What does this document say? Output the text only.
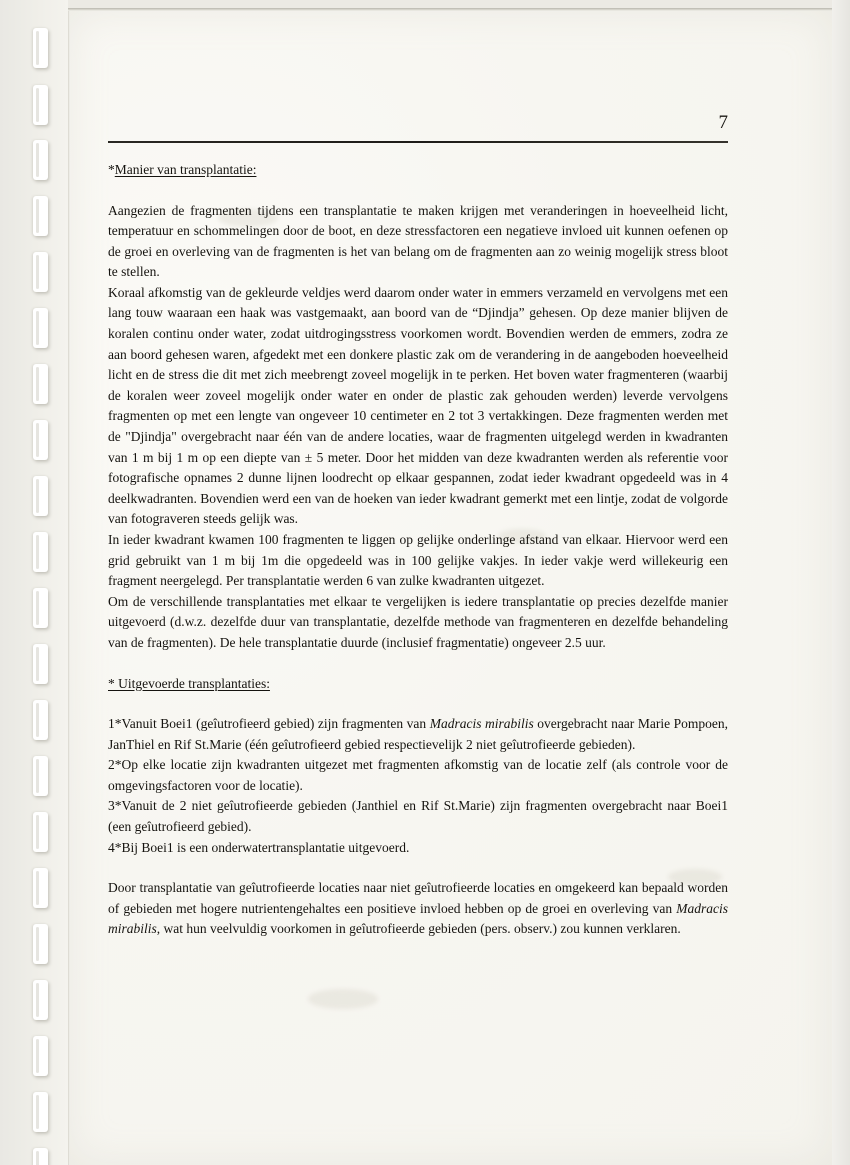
7
*Manier van transplantatie:

Aangezien de fragmenten tijdens een transplantatie te maken krijgen met veranderingen in hoeveelheid licht, temperatuur en schommelingen door de boot, en deze stressfactoren een negatieve invloed uit kunnen oefenen op de groei en overleving van de fragmenten is het van belang om de fragmenten aan zo weinig mogelijk stress bloot te stellen.

Koraal afkomstig van de gekleurde veldjes werd daarom onder water in emmers verzameld en vervolgens met een lang touw waaraan een haak was vastgemaakt, aan boord van de “Djindja” gehesen. Op deze manier blijven de koralen continu onder water, zodat uitdrogingsstress voorkomen wordt. Bovendien werden de emmers, zodra ze aan boord gehesen waren, afgedekt met een donkere plastic zak om de verandering in de aangeboden hoeveelheid licht en de stress die dit met zich meebrengt zoveel mogelijk in te perken. Het boven water fragmenteren (waarbij de koralen weer zoveel mogelijk onder water en onder de plastic zak gehouden werden) leverde vervolgens fragmenten op met een lengte van ongeveer 10 centimeter en 2 tot 3 vertakkingen. Deze fragmenten werden met de "Djindja" overgebracht naar één van de andere locaties, waar de fragmenten uitgelegd werden in kwadranten van 1 m bij 1 m op een diepte van ± 5 meter. Door het midden van deze kwadranten werden als referentie voor fotografische opnames 2 dunne lijnen loodrecht op elkaar gespannen, zodat ieder kwadrant opgedeeld was in 4 deelkwadranten. Bovendien werd een van de hoeken van ieder kwadrant gemerkt met een lintje, zodat de volgorde van fotograveren steeds gelijk was.

In ieder kwadrant kwamen 100 fragmenten te liggen op gelijke onderlinge afstand van elkaar. Hiervoor werd een grid gebruikt van 1 m bij 1m die opgedeeld was in 100 gelijke vakjes. In ieder vakje werd willekeurig een fragment neergelegd. Per transplantatie werden 6 van zulke kwadranten uitgezet.

Om de verschillende transplantaties met elkaar te vergelijken is iedere transplantatie op precies dezelfde manier uitgevoerd (d.w.z. dezelfde duur van transplantatie, dezelfde methode van fragmenteren en dezelfde behandeling van de fragmenten). De hele transplantatie duurde (inclusief fragmentatie) ongeveer 2.5 uur.

* Uitgevoerde transplantaties:

1*Vanuit Boei1 (geîutrofieerd gebied) zijn fragmenten van Madracis mirabilis overgebracht naar Marie Pompoen, JanThiel en Rif St.Marie (één geîutrofieerd gebied respectievelijk 2 niet geîutrofieerde gebieden).

2*Op elke locatie zijn kwadranten uitgezet met fragmenten afkomstig van de locatie zelf (als controle voor de omgevingsfactoren voor de locatie).

3*Vanuit de 2 niet geîutrofieerde gebieden (Janthiel en Rif St.Marie) zijn fragmenten overgebracht naar Boei1 (een geîutrofieerd gebied).

4*Bij Boei1 is een onderwatertransplantatie uitgevoerd.

Door transplantatie van geîutrofieerde locaties naar niet geîutrofieerde locaties en omgekeerd kan bepaald worden of gebieden met hogere nutrientengehaltes een positieve invloed hebben op de groei en overleving van Madracis mirabilis, wat hun veelvuldig voorkomen in geîutrofieerde gebieden (pers. observ.) zou kunnen verklaren.
